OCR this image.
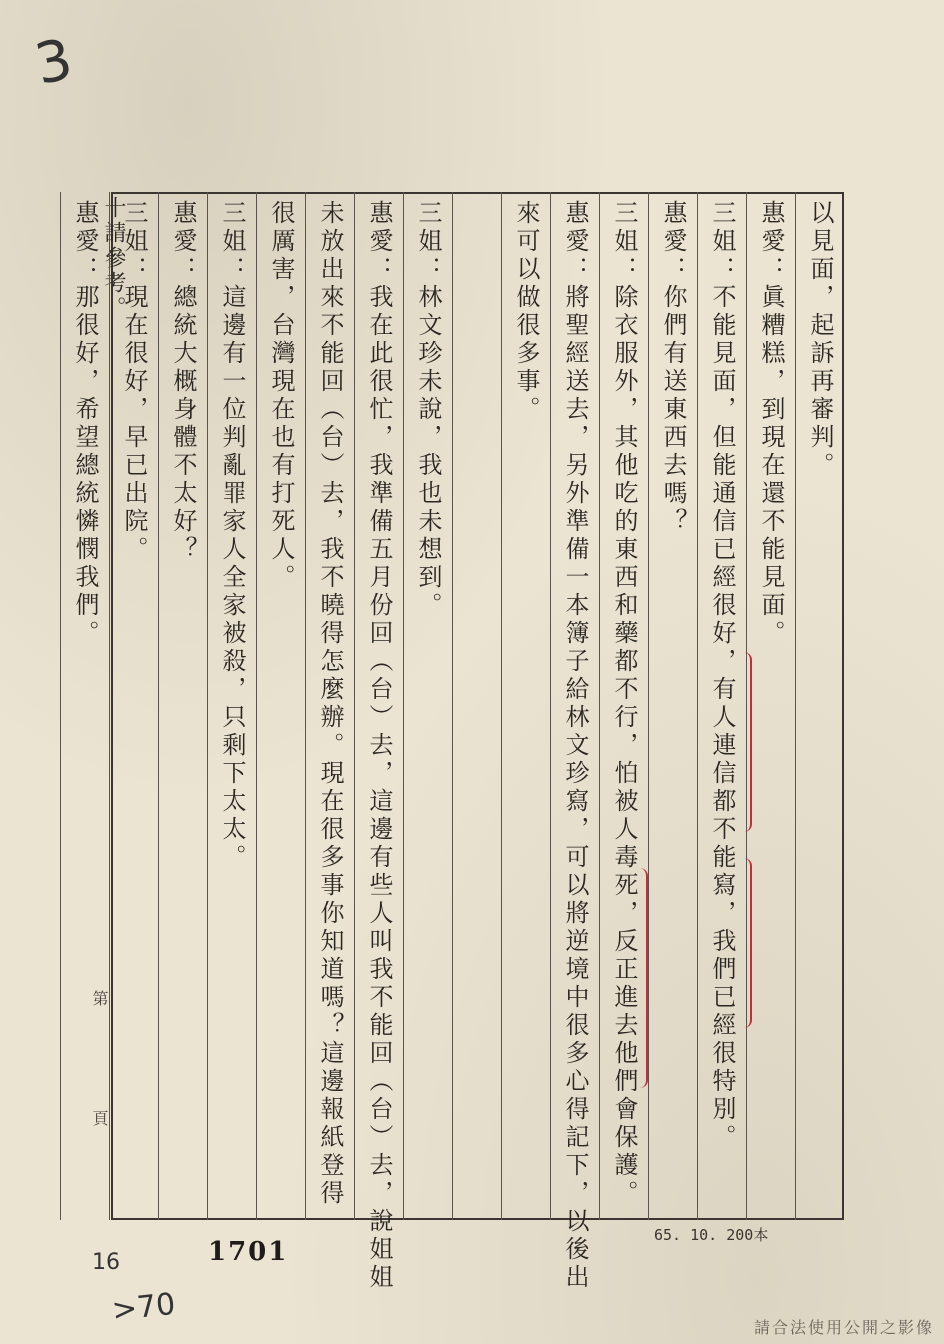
十請參考。	以見面，起訴再審判。
惠愛：眞糟糕，到現在還不能見面。
三姐：不能見面，但能通信已經很好，有人連信都不能寫，我們已經很特別。
惠愛：你們有送東西去嗎？
三姐：除衣服外，其他吃的東西和藥都不行，怕被人毒死，反正進去他們會保護。
惠愛：將聖經送去，另外準備一本簿子給林文珍寫，可以將逆境中很多心得記下，以後出
來可以做很多事。
三姐：林文珍未說，我也未想到。
惠愛：我在此很忙，我準備五月份回（台）去，這邊有些人叫我不能回（台）去，說姐姐
未放出來不能回（台）去，我不曉得怎麼辦。現在很多事你知道嗎？這邊報紙登得
很厲害，台灣現在也有打死人。
三姐：這邊有一位判亂罪家人全家被殺，只剩下太太。
惠愛：總統大概身體不太好？
三姐：現在很好，早已出院。
惠愛：那很好，希望總統憐憫我們。
第
頁
1701
65. 10. 200本
3
16
>70	請合法使用公開之影像
